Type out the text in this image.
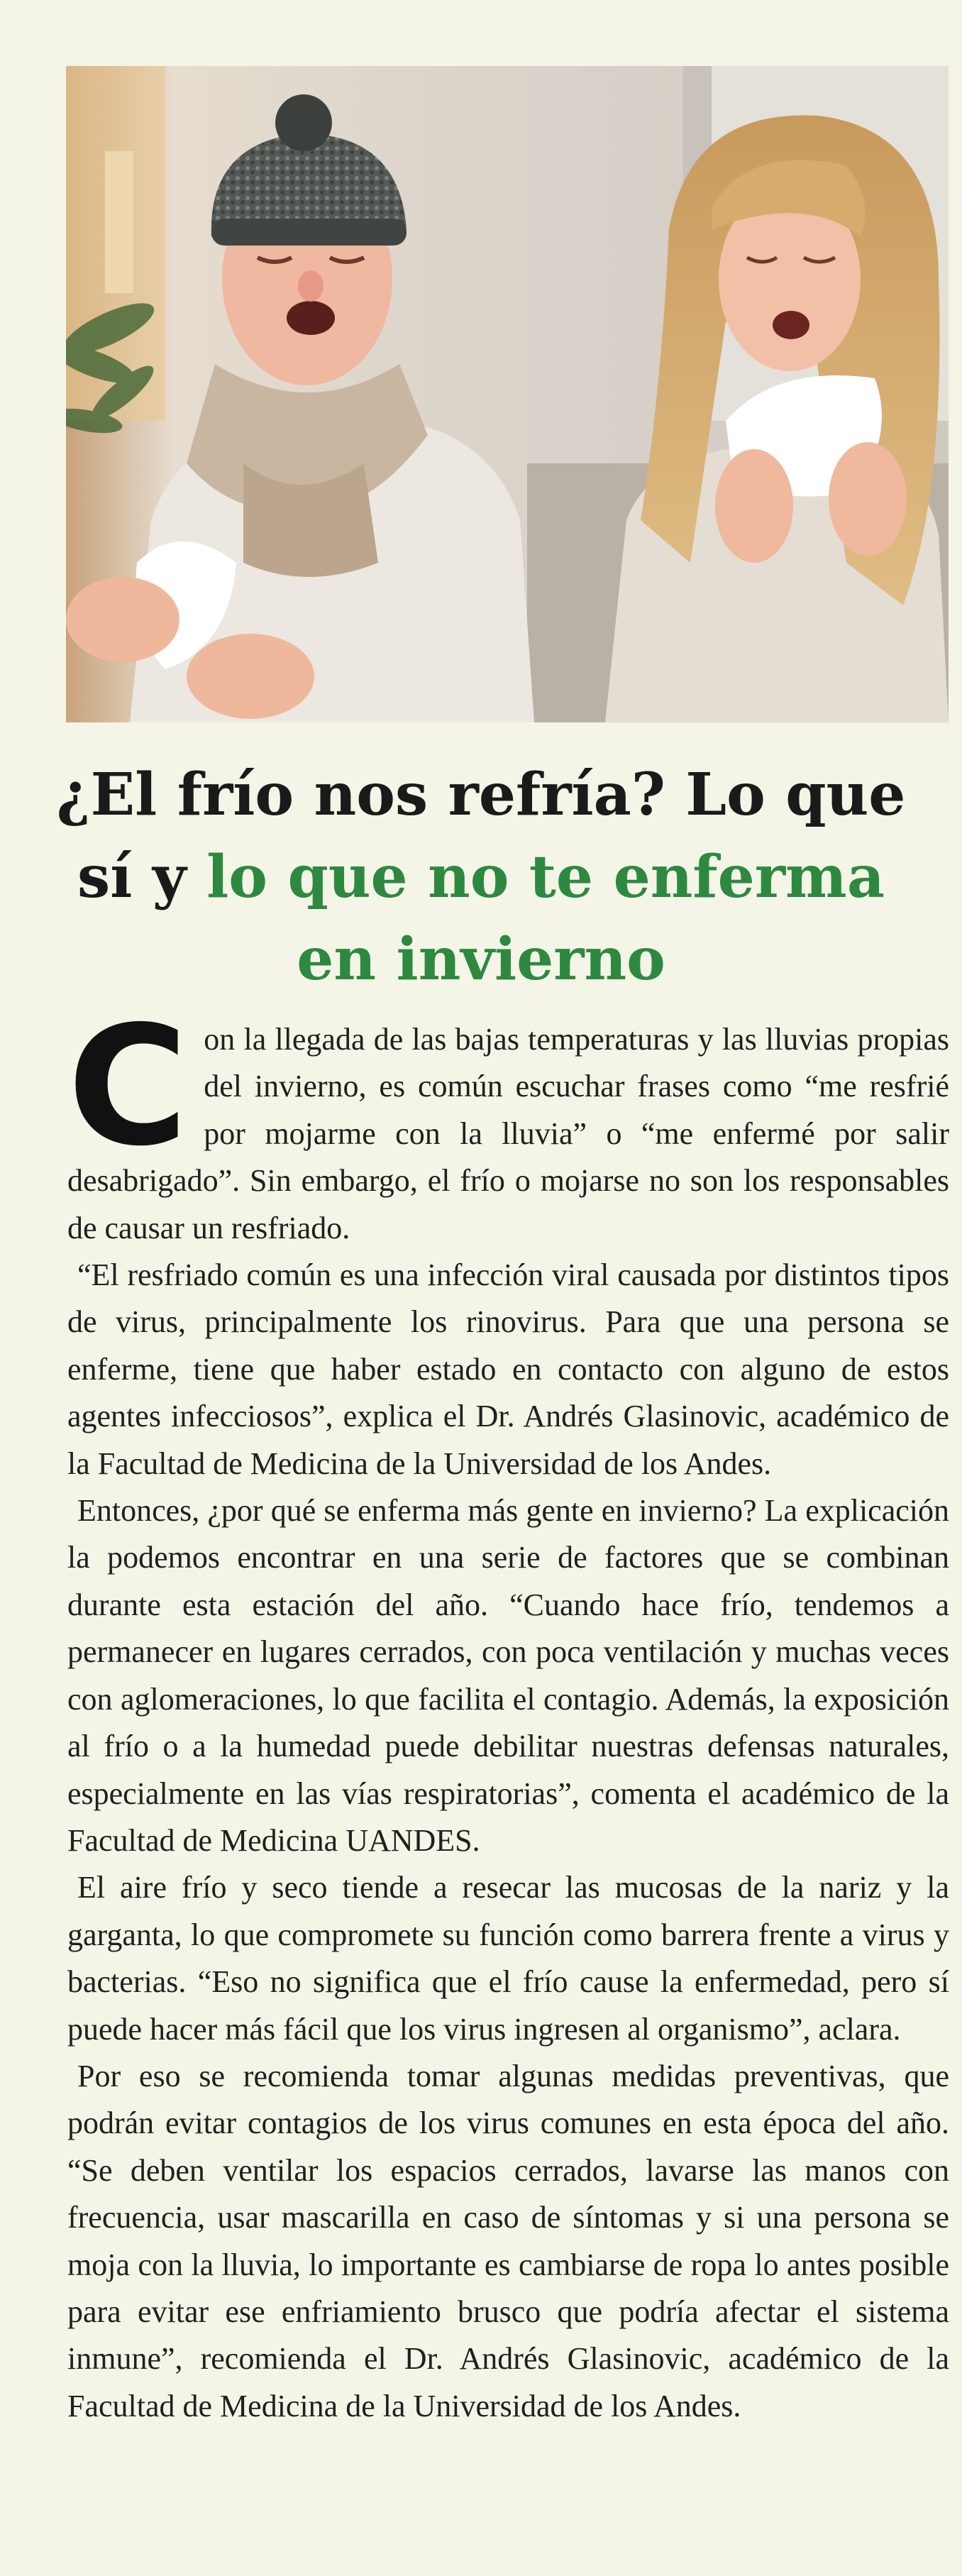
¿El frío nos refría? Lo que sí y lo que no te enferma en invierno

Con la llegada de las bajas temperaturas y las lluvias propias del invierno, es común escuchar frases como “me resfrié por mojarme con la lluvia” o “me enfermé por salir desabrigado”. Sin embargo, el frío o mojarse no son los responsables de causar un resfriado.

“El resfriado común es una infección viral causada por distintos tipos de virus, principalmente los rinovirus. Para que una persona se enferme, tiene que haber estado en contacto con alguno de estos agentes infecciosos”, explica el Dr. Andrés Glasinovic, académico de la Facultad de Medicina de la Universidad de los Andes.

Entonces, ¿por qué se enferma más gente en invierno? La explicación la podemos encontrar en una serie de factores que se combinan durante esta estación del año. “Cuando hace frío, tendemos a permanecer en lugares cerrados, con poca ventilación y muchas veces con aglomeraciones, lo que facilita el contagio. Además, la exposición al frío o a la humedad puede debilitar nuestras defensas naturales, especialmente en las vías respiratorias”, comenta el académico de la Facultad de Medicina UANDES.

El aire frío y seco tiende a resecar las mucosas de la nariz y la garganta, lo que compromete su función como barrera frente a virus y bacterias. “Eso no significa que el frío cause la enfermedad, pero sí puede hacer más fácil que los virus ingresen al organismo”, aclara.

Por eso se recomienda tomar algunas medidas preventivas, que podrán evitar contagios de los virus comunes en esta época del año. “Se deben ventilar los espacios cerrados, lavarse las manos con frecuencia, usar mascarilla en caso de síntomas y si una persona se moja con la lluvia, lo importante es cambiarse de ropa lo antes posible para evitar ese enfriamiento brusco que podría afectar el sistema inmune”, recomienda el Dr. Andrés Glasinovic, académico de la Facultad de Medicina de la Universidad de los Andes.
